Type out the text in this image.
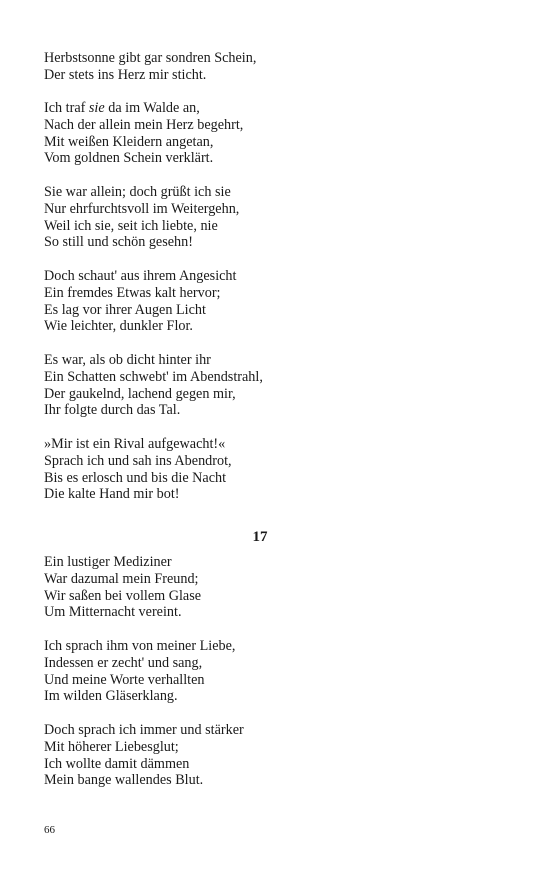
Herbstsonne gibt gar sondren Schein,
Der stets ins Herz mir sticht.
Ich traf sie da im Walde an,
Nach der allein mein Herz begehrt,
Mit weißen Kleidern angetan,
Vom goldnen Schein verklärt.
Sie war allein; doch grüßt ich sie
Nur ehrfurchtsvoll im Weitergehn,
Weil ich sie, seit ich liebte, nie
So still und schön gesehn!
Doch schaut' aus ihrem Angesicht
Ein fremdes Etwas kalt hervor;
Es lag vor ihrer Augen Licht
Wie leichter, dunkler Flor.
Es war, als ob dicht hinter ihr
Ein Schatten schwebt' im Abendstrahl,
Der gaukelnd, lachend gegen mir,
Ihr folgte durch das Tal.
»Mir ist ein Rival aufgewacht!«
Sprach ich und sah ins Abendrot,
Bis es erlosch und bis die Nacht
Die kalte Hand mir bot!
17
Ein lustiger Mediziner
War dazumal mein Freund;
Wir saßen bei vollem Glase
Um Mitternacht vereint.
Ich sprach ihm von meiner Liebe,
Indessen er zecht' und sang,
Und meine Worte verhallten
Im wilden Gläserklang.
Doch sprach ich immer und stärker
Mit höherer Liebesglut;
Ich wollte damit dämmen
Mein bange wallendes Blut.
66
